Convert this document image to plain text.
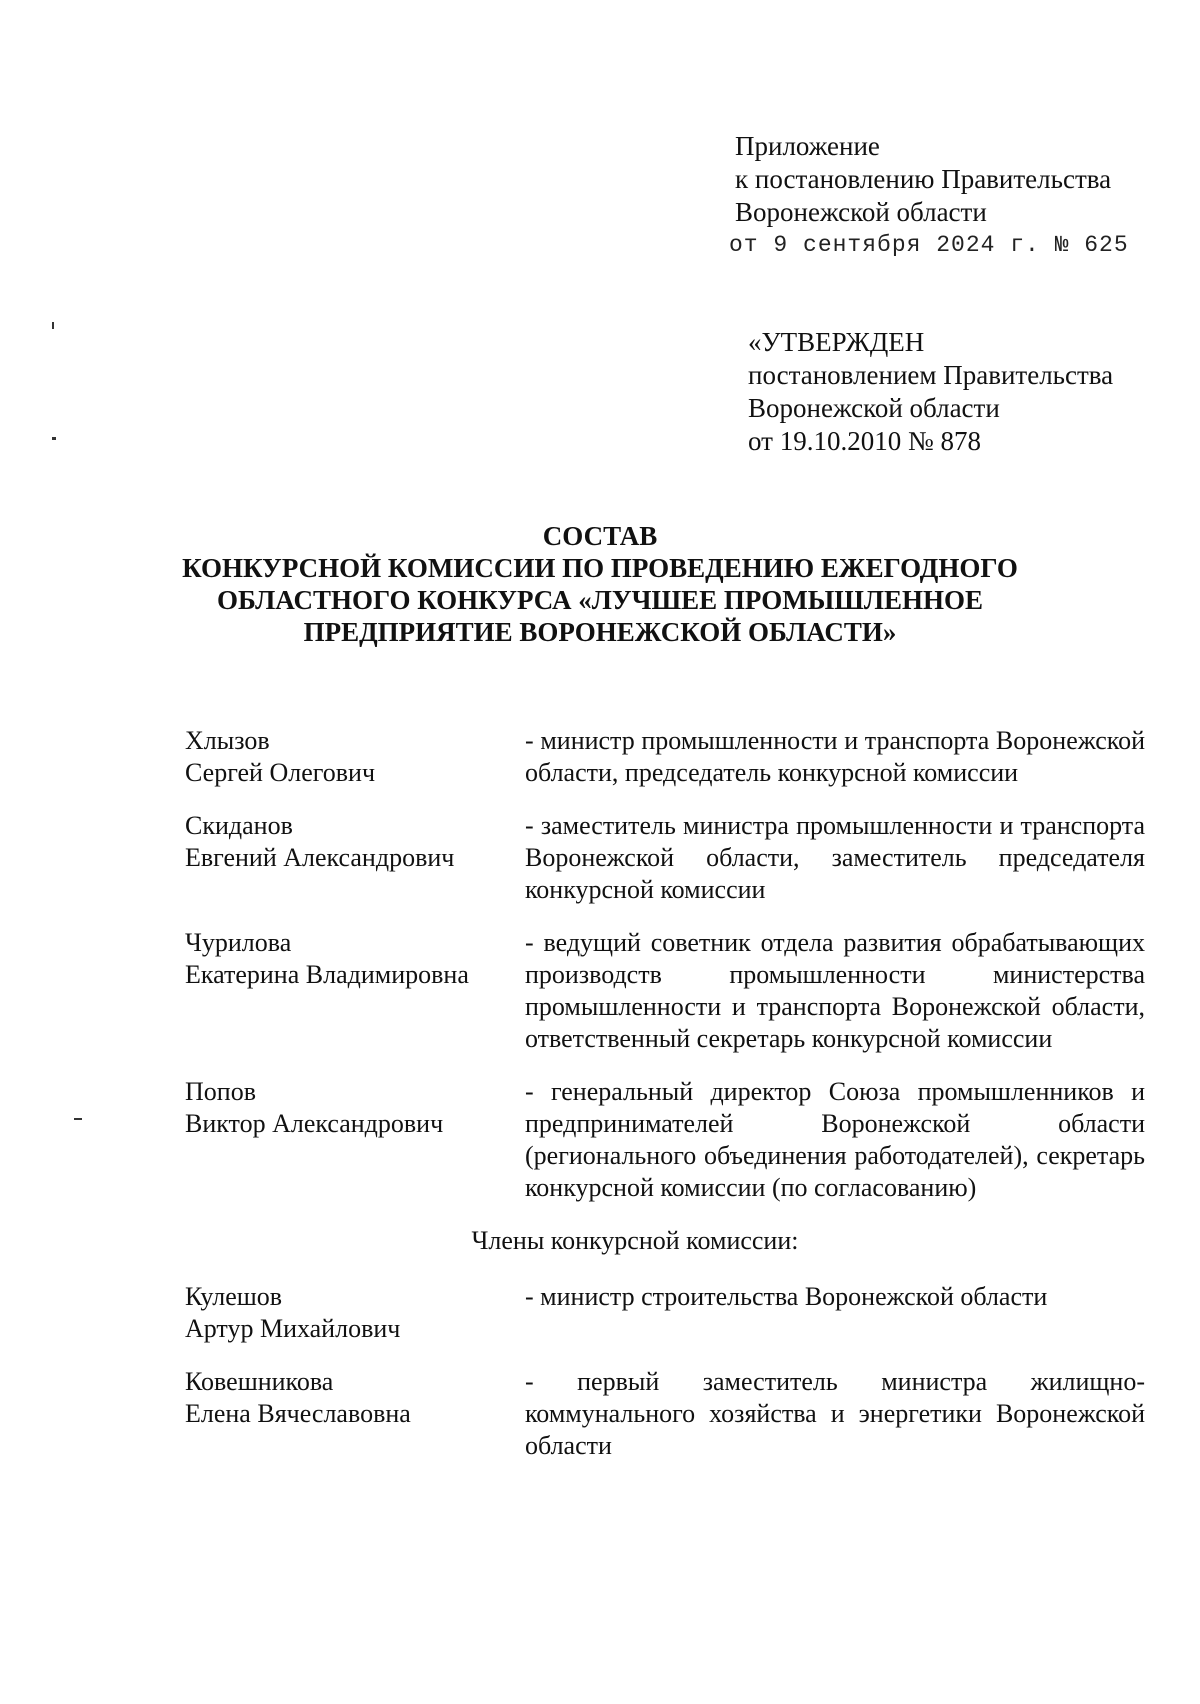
Приложение
к постановлению Правительства
Воронежской области
от 9 сентября 2024 г. № 625
«УТВЕРЖДЕН
постановлением Правительства
Воронежской области
от 19.10.2010 № 878
СОСТАВ
КОНКУРСНОЙ КОМИССИИ ПО ПРОВЕДЕНИЮ ЕЖЕГОДНОГО
ОБЛАСТНОГО КОНКУРСА «ЛУЧШЕЕ ПРОМЫШЛЕННОЕ
ПРЕДПРИЯТИЕ ВОРОНЕЖСКОЙ ОБЛАСТИ»
Хлызов
Сергей Олегович
- министр промышленности и транспорта Воронежской области, председатель конкурсной комиссии
Скиданов
Евгений Александрович
- заместитель министра промышленности и транспорта Воронежской области, заместитель председателя конкурсной комиссии
Чурилова
Екатерина Владимировна
- ведущий советник отдела развития обрабатывающих производств промышленности министерства промышленности и транспорта Воронежской области, ответственный секретарь конкурсной комиссии
Попов
Виктор Александрович
- генеральный директор Союза промышленников и предпринимателей Воронежской области (регионального объединения работодателей), секретарь конкурсной комиссии (по согласованию)
Члены конкурсной комиссии:
Кулешов
Артур Михайлович
- министр строительства Воронежской области
Ковешникова
Елена Вячеславовна
- первый заместитель министра жилищно-коммунального хозяйства и энергетики Воронежской области
